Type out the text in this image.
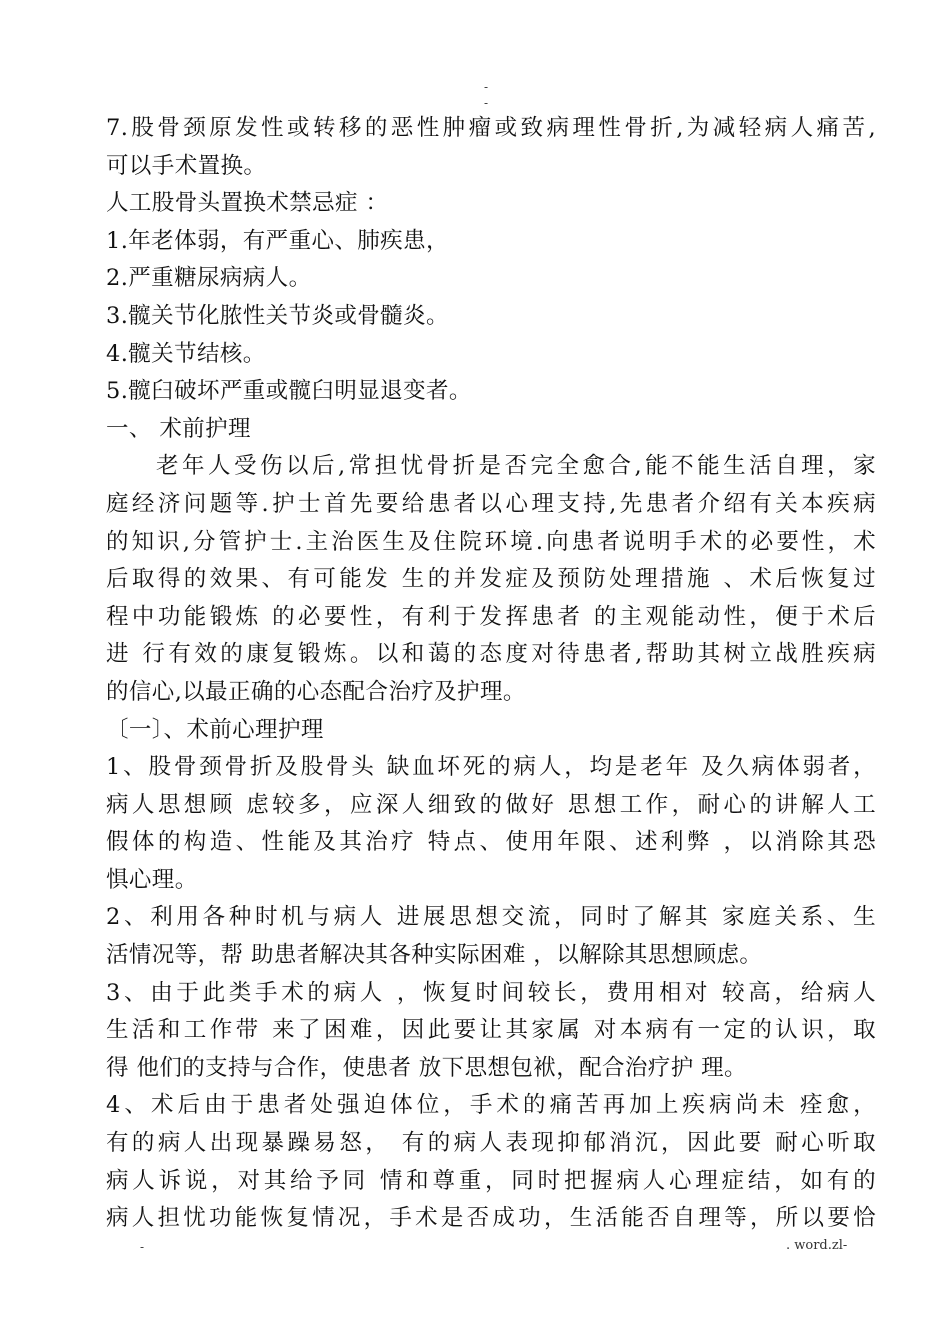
-
-
7.股骨颈原发性或转移的恶性肿瘤或致病理性骨折,为减轻病人痛苦,
可以手术置换。
人工股骨头置换术禁忌症 ：
1.年老体弱，有严重心、肺疾患，
2.严重糖尿病病人。
3.髋关节化脓性关节炎或骨髓炎。
4.髋关节结核。
5.髋臼破坏严重或髋臼明显退变者。
一、 术前护理
老年人受伤以后,常担忧骨折是否完全愈合,能不能生活自理，家
庭经济问题等.护士首先要给患者以心理支持,先患者介绍有关本疾病
的知识,分管护士.主治医生及住院环境.向患者说明手术的必要性，术
后取得的效果、有可能发 生的并发症及预防处理措施 、术后恢复过
程中功能锻炼 的必要性，有利于发挥患者 的主观能动性，便于术后
进 行有效的康复锻炼。以和蔼的态度对待患者,帮助其树立战胜疾病
的信心,以最正确的心态配合治疗及护理。
〔一〕、术前心理护理
1、股骨颈骨折及股骨头 缺血坏死的病人，均是老年 及久病体弱者，
病人思想顾 虑较多，应深人细致的做好 思想工作，耐心的讲解人工
假体的构造、性能及其治疗 特点、使用年限、述利弊 ，以消除其恐
惧心理。
2、利用各种时机与病人 进展思想交流，同时了解其 家庭关系、生
活情况等，帮 助患者解决其各种实际困难 ，以解除其思想顾虑。
3、由于此类手术的病人 ，恢复时间较长，费用相对 较高，给病人
生活和工作带 来了困难，因此要让其家属 对本病有一定的认识，取
得 他们的支持与合作，使患者 放下思想包袱，配合治疗护 理。
4、术后由于患者处强迫体位，手术的痛苦再加上疾病尚未 痊愈，
有的病人出现暴躁易怒， 有的病人表现抑郁消沉，因此要 耐心听取
病人诉说，对其给予同 情和尊重，同时把握病人心理症结，如有的
病人担忧功能恢复情况，手术是否成功，生活能否自理等，所以要恰
-	. word.zl-
